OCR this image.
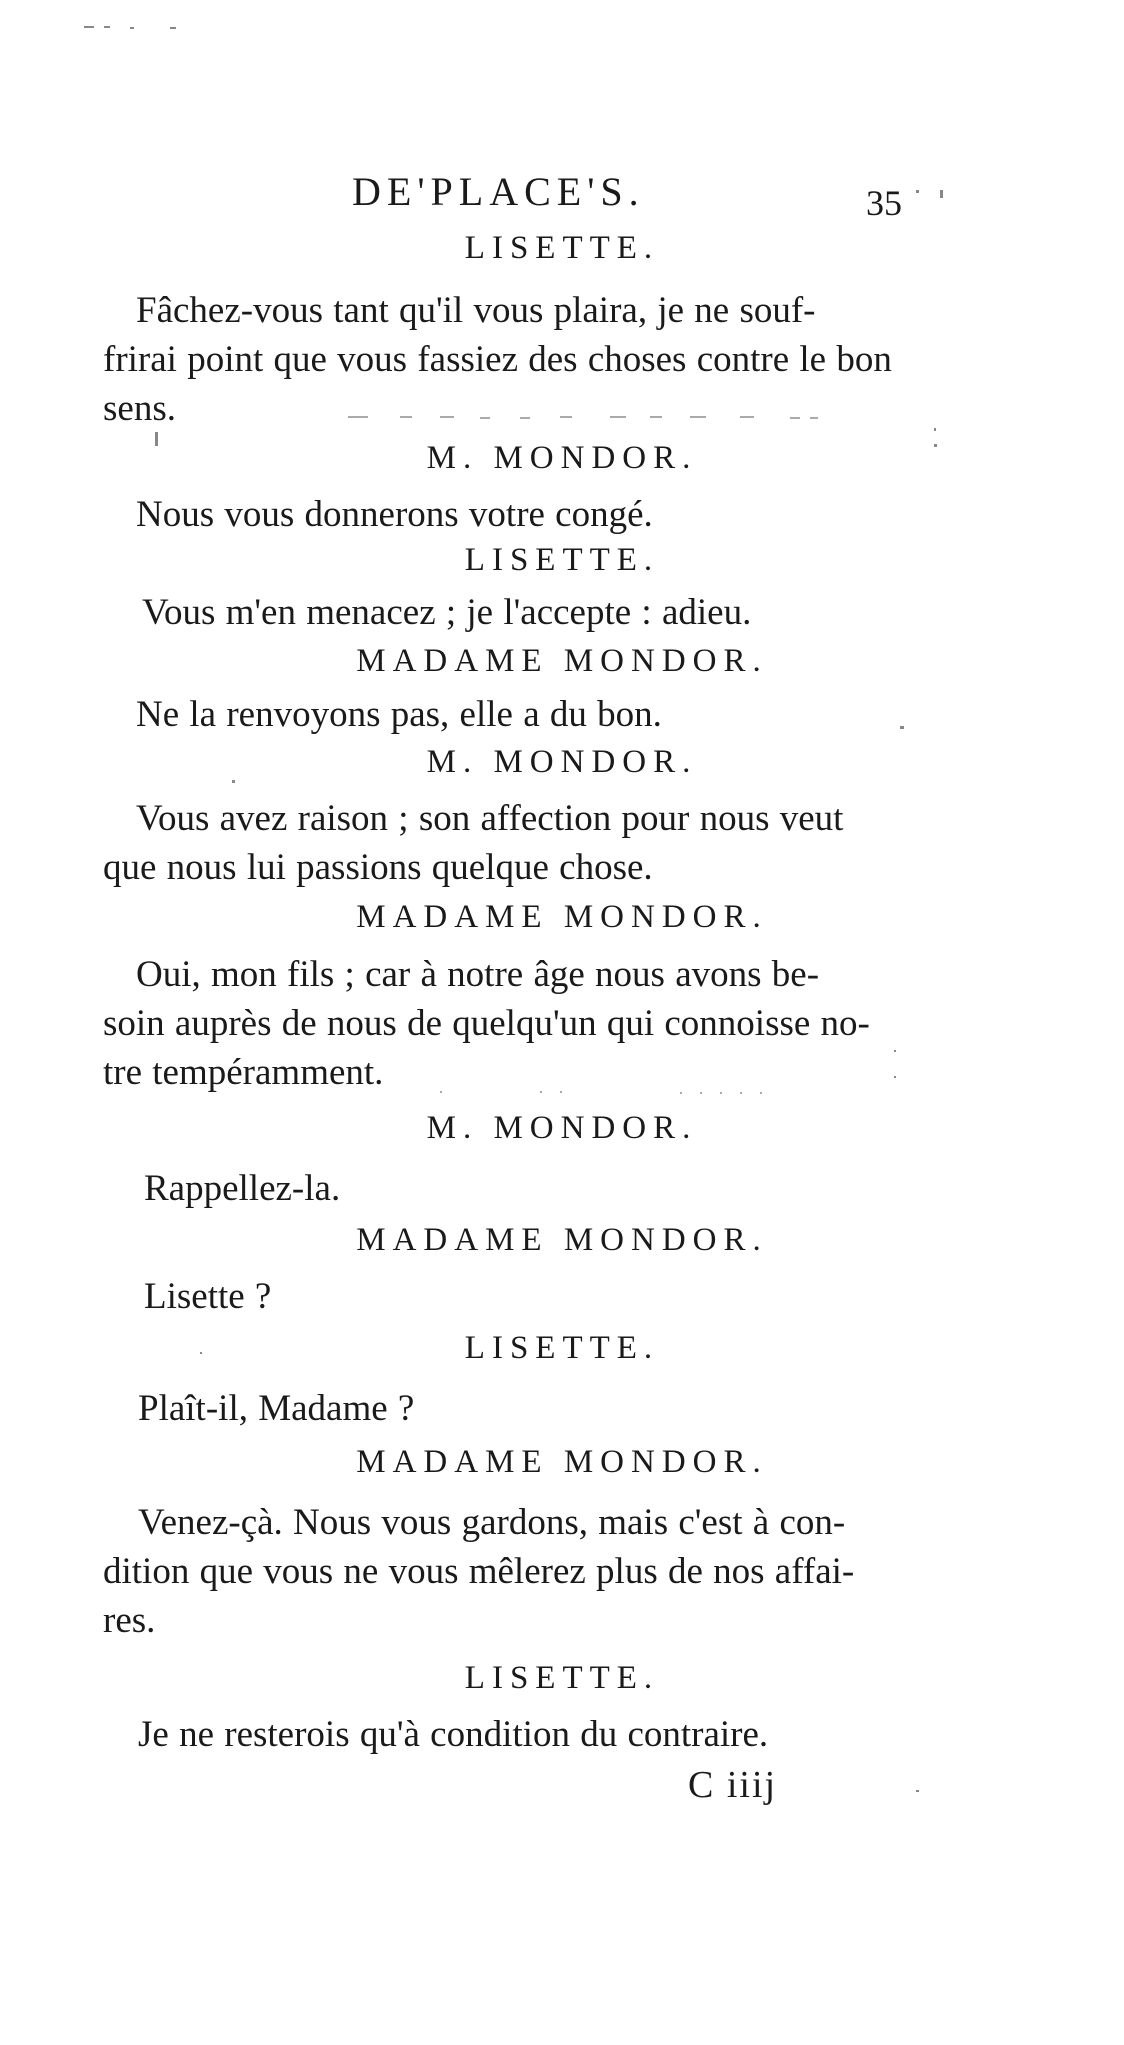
DE'PLACE'S.	35
LISETTE.
Fâchez-vous tant qu'il vous plaira, je ne souf-
frirai point que vous fassiez des choses contre le bon
sens.
M. MONDOR.
Nous vous donnerons votre congé.
LISETTE.
Vous m'en menacez ; je l'accepte : adieu.
MADAME MONDOR.
Ne la renvoyons pas, elle a du bon.
M. MONDOR.
Vous avez raison ; son affection pour nous veut
que nous lui passions quelque chose.
MADAME MONDOR.
Oui, mon fils ; car à notre âge nous avons be-
soin auprès de nous de quelqu'un qui connoisse no-
tre tempéramment.
M. MONDOR.
Rappellez-la.
MADAME MONDOR.
Lisette ?
LISETTE.
Plaît-il, Madame ?
MADAME MONDOR.
Venez-çà. Nous vous gardons, mais c'est à con-
dition que vous ne vous mêlerez plus de nos affai-
res.
LISETTE.
Je ne resterois qu'à condition du contraire.
C iiij
